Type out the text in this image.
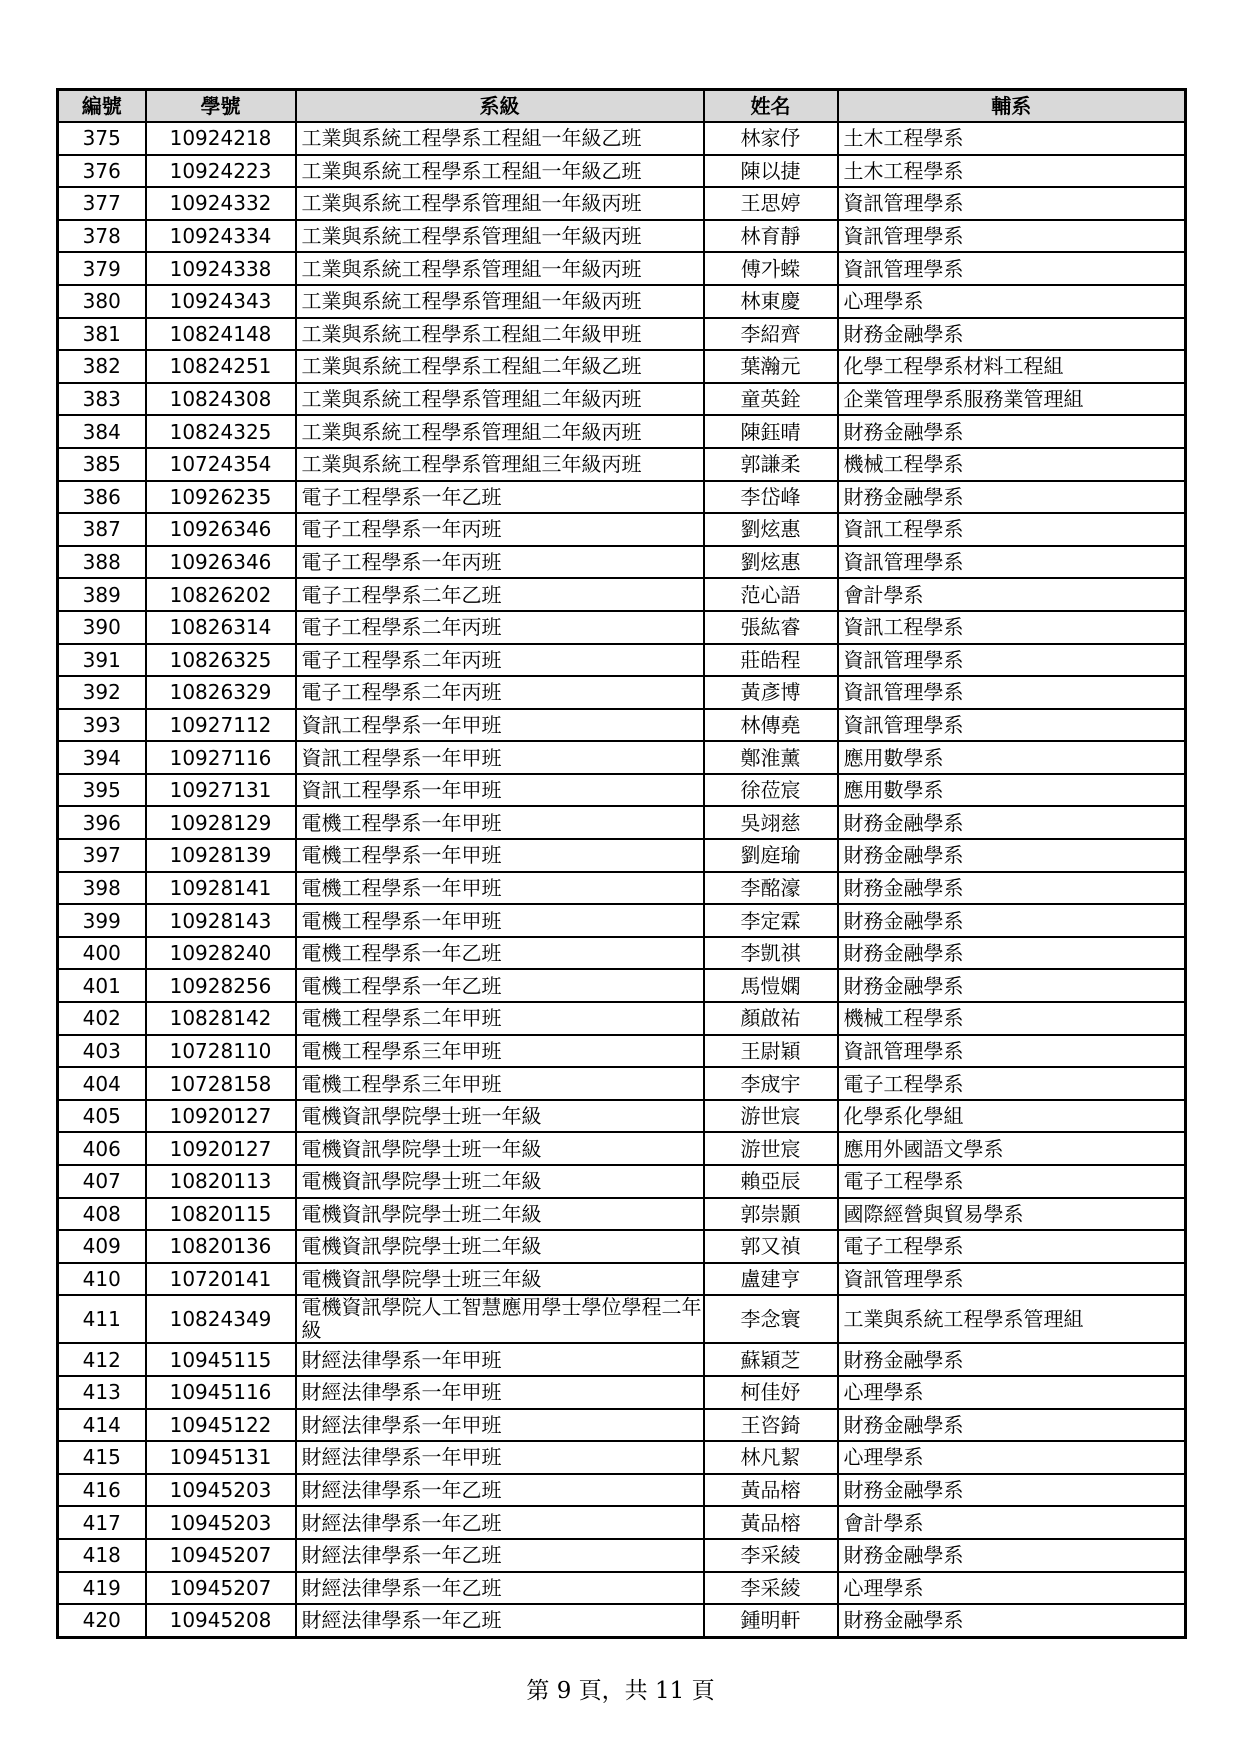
編號	學號	系級	姓名	輔系
375	10924218	工業與系統工程學系工程組一年級乙班	林家伃	土木工程學系
376	10924223	工業與系統工程學系工程組一年級乙班	陳以捷	土木工程學系
377	10924332	工業與系統工程學系管理組一年級丙班	王思婷	資訊管理學系
378	10924334	工業與系統工程學系管理組一年級丙班	林育靜	資訊管理學系
379	10924338	工業與系統工程學系管理組一年級丙班	傅가蝾	資訊管理學系
380	10924343	工業與系統工程學系管理組一年級丙班	林東慶	心理學系
381	10824148	工業與系統工程學系工程組二年級甲班	李紹齊	財務金融學系
382	10824251	工業與系統工程學系工程組二年級乙班	葉瀚元	化學工程學系材料工程組
383	10824308	工業與系統工程學系管理組二年級丙班	童英銓	企業管理學系服務業管理組
384	10824325	工業與系統工程學系管理組二年級丙班	陳鈺晴	財務金融學系
385	10724354	工業與系統工程學系管理組三年級丙班	郭謙柔	機械工程學系
386	10926235	電子工程學系一年乙班	李岱峰	財務金融學系
387	10926346	電子工程學系一年丙班	劉炫惠	資訊工程學系
388	10926346	電子工程學系一年丙班	劉炫惠	資訊管理學系
389	10826202	電子工程學系二年乙班	范心語	會計學系
390	10826314	電子工程學系二年丙班	張紘睿	資訊工程學系
391	10826325	電子工程學系二年丙班	莊皓程	資訊管理學系
392	10826329	電子工程學系二年丙班	黃彥博	資訊管理學系
393	10927112	資訊工程學系一年甲班	林傳堯	資訊管理學系
394	10927116	資訊工程學系一年甲班	鄭淮薰	應用數學系
395	10927131	資訊工程學系一年甲班	徐莅宸	應用數學系
396	10928129	電機工程學系一年甲班	吳翊慈	財務金融學系
397	10928139	電機工程學系一年甲班	劉庭瑜	財務金融學系
398	10928141	電機工程學系一年甲班	李酩濠	財務金融學系
399	10928143	電機工程學系一年甲班	李定霖	財務金融學系
400	10928240	電機工程學系一年乙班	李凱祺	財務金融學系
401	10928256	電機工程學系一年乙班	馬愷嫻	財務金融學系
402	10828142	電機工程學系二年甲班	顏啟祐	機械工程學系
403	10728110	電機工程學系三年甲班	王尉穎	資訊管理學系
404	10728158	電機工程學系三年甲班	李宬宇	電子工程學系
405	10920127	電機資訊學院學士班一年級	游世宸	化學系化學組
406	10920127	電機資訊學院學士班一年級	游世宸	應用外國語文學系
407	10820113	電機資訊學院學士班二年級	賴亞辰	電子工程學系
408	10820115	電機資訊學院學士班二年級	郭崇顥	國際經營與貿易學系
409	10820136	電機資訊學院學士班二年級	郭又禎	電子工程學系
410	10720141	電機資訊學院學士班三年級	盧建亨	資訊管理學系
411	10824349	電機資訊學院人工智慧應用學士學位學程二年級	李念寰	工業與系統工程學系管理組
412	10945115	財經法律學系一年甲班	蘇穎芝	財務金融學系
413	10945116	財經法律學系一年甲班	柯佳妤	心理學系
414	10945122	財經法律學系一年甲班	王咨錡	財務金融學系
415	10945131	財經法律學系一年甲班	林凡絜	心理學系
416	10945203	財經法律學系一年乙班	黃品榕	財務金融學系
417	10945203	財經法律學系一年乙班	黃品榕	會計學系
418	10945207	財經法律學系一年乙班	李采綾	財務金融學系
419	10945207	財經法律學系一年乙班	李采綾	心理學系
420	10945208	財經法律學系一年乙班	鍾明軒	財務金融學系
第 9 頁，共 11 頁
